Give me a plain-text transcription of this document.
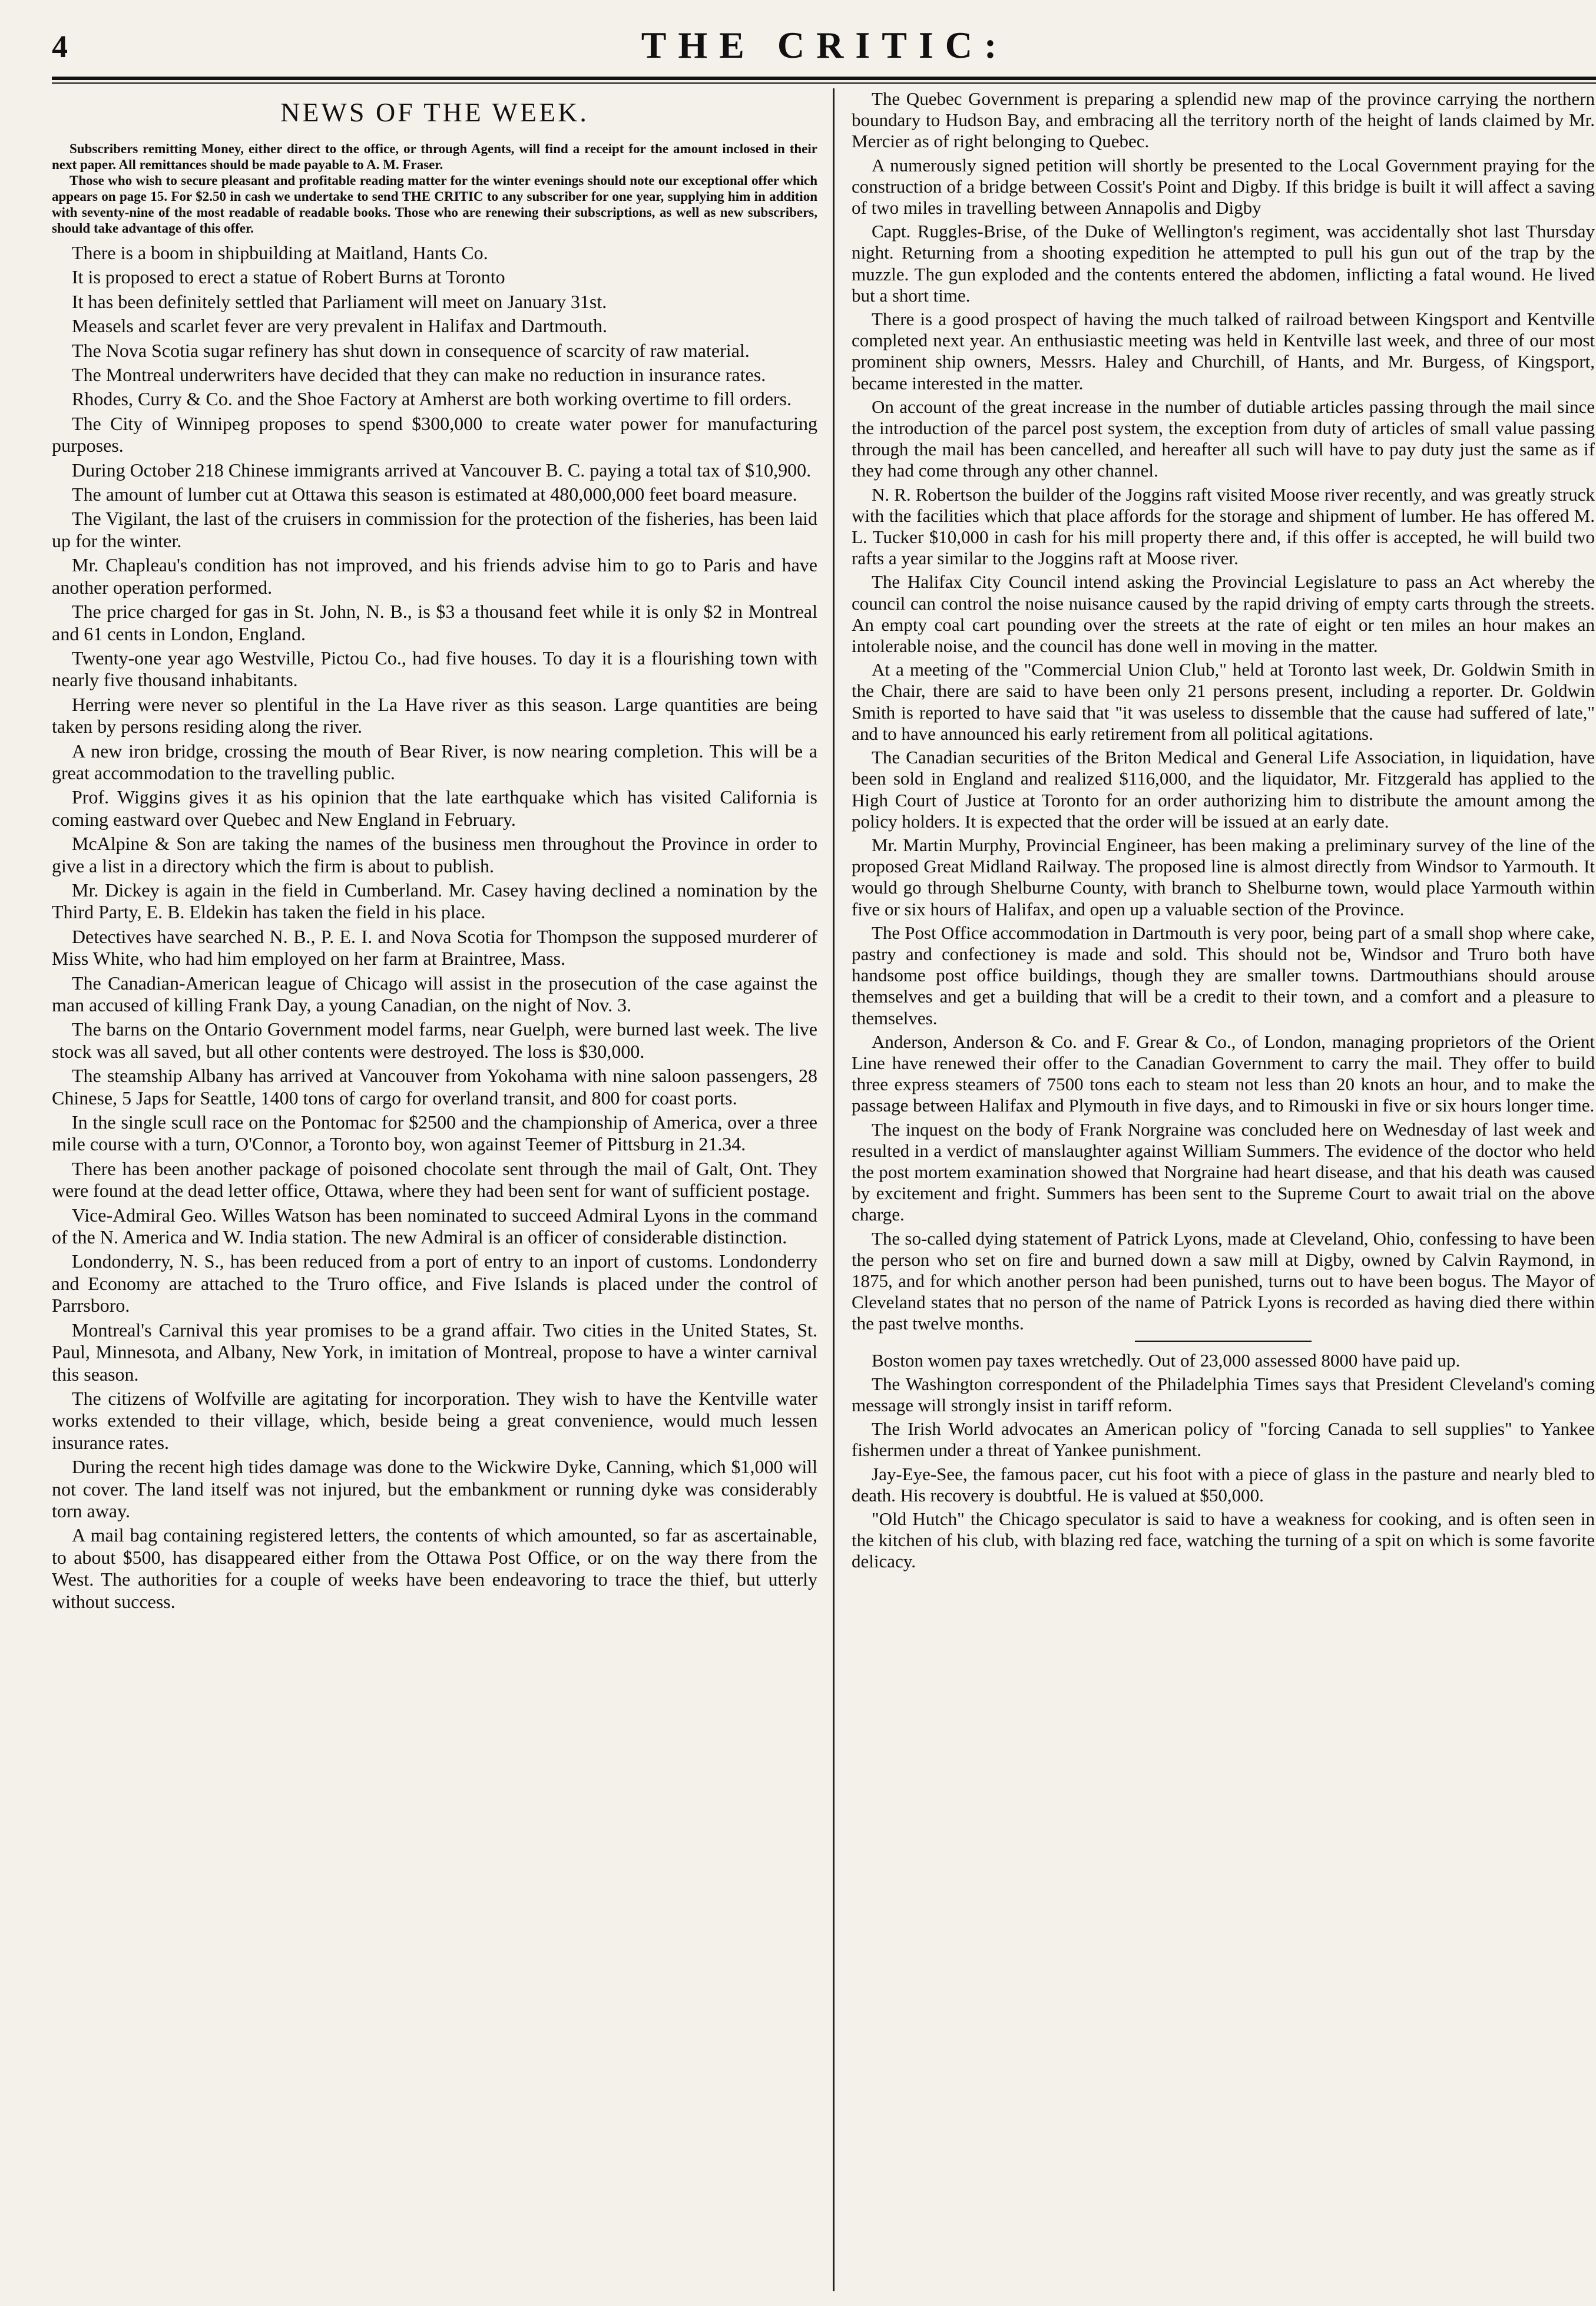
4	THE CRITIC:
NEWS OF THE WEEK.

Subscribers remitting Money, either direct to the office, or through Agents, will find a receipt for the amount inclosed in their next paper. All remittances should be made payable to A. M. Fraser.

Those who wish to secure pleasant and profitable reading matter for the winter evenings should note our exceptional offer which appears on page 15. For $2.50 in cash we undertake to send THE CRITIC to any subscriber for one year, supplying him in addition with seventy-nine of the most readable of readable books. Those who are renewing their subscriptions, as well as new subscribers, should take advantage of this offer.

There is a boom in shipbuilding at Maitland, Hants Co.

It is proposed to erect a statue of Robert Burns at Toronto

It has been definitely settled that Parliament will meet on January 31st.

Measels and scarlet fever are very prevalent in Halifax and Dartmouth.

The Nova Scotia sugar refinery has shut down in consequence of scarcity of raw material.

The Montreal underwriters have decided that they can make no reduction in insurance rates.

Rhodes, Curry & Co. and the Shoe Factory at Amherst are both working overtime to fill orders.

The City of Winnipeg proposes to spend $300,000 to create water power for manufacturing purposes.

During October 218 Chinese immigrants arrived at Vancouver B. C. paying a total tax of $10,900.

The amount of lumber cut at Ottawa this season is estimated at 480,000,000 feet board measure.

The Vigilant, the last of the cruisers in commission for the protection of the fisheries, has been laid up for the winter.

Mr. Chapleau's condition has not improved, and his friends advise him to go to Paris and have another operation performed.

The price charged for gas in St. John, N. B., is $3 a thousand feet while it is only $2 in Montreal and 61 cents in London, England.

Twenty-one year ago Westville, Pictou Co., had five houses. To day it is a flourishing town with nearly five thousand inhabitants.

Herring were never so plentiful in the La Have river as this season. Large quantities are being taken by persons residing along the river.

A new iron bridge, crossing the mouth of Bear River, is now nearing completion. This will be a great accommodation to the travelling public.

Prof. Wiggins gives it as his opinion that the late earthquake which has visited California is coming eastward over Quebec and New England in February.

McAlpine & Son are taking the names of the business men throughout the Province in order to give a list in a directory which the firm is about to publish.

Mr. Dickey is again in the field in Cumberland. Mr. Casey having declined a nomination by the Third Party, E. B. Eldekin has taken the field in his place.

Detectives have searched N. B., P. E. I. and Nova Scotia for Thompson the supposed murderer of Miss White, who had him employed on her farm at Braintree, Mass.

The Canadian-American league of Chicago will assist in the prosecution of the case against the man accused of killing Frank Day, a young Canadian, on the night of Nov. 3.

The barns on the Ontario Government model farms, near Guelph, were burned last week. The live stock was all saved, but all other contents were destroyed. The loss is $30,000.

The steamship Albany has arrived at Vancouver from Yokohama with nine saloon passengers, 28 Chinese, 5 Japs for Seattle, 1400 tons of cargo for overland transit, and 800 for coast ports.

In the single scull race on the Pontomac for $2500 and the championship of America, over a three mile course with a turn, O'Connor, a Toronto boy, won against Teemer of Pittsburg in 21.34.

There has been another package of poisoned chocolate sent through the mail of Galt, Ont. They were found at the dead letter office, Ottawa, where they had been sent for want of sufficient postage.

Vice-Admiral Geo. Willes Watson has been nominated to succeed Admiral Lyons in the command of the N. America and W. India station. The new Admiral is an officer of considerable distinction.

Londonderry, N. S., has been reduced from a port of entry to an inport of customs. Londonderry and Economy are attached to the Truro office, and Five Islands is placed under the control of Parrsboro.

Montreal's Carnival this year promises to be a grand affair. Two cities in the United States, St. Paul, Minnesota, and Albany, New York, in imitation of Montreal, propose to have a winter carnival this season.

The citizens of Wolfville are agitating for incorporation. They wish to have the Kentville water works extended to their village, which, beside being a great convenience, would much lessen insurance rates.

During the recent high tides damage was done to the Wickwire Dyke, Canning, which $1,000 will not cover. The land itself was not injured, but the embankment or running dyke was considerably torn away.

A mail bag containing registered letters, the contents of which amounted, so far as ascertainable, to about $500, has disappeared either from the Ottawa Post Office, or on the way there from the West. The authorities for a couple of weeks have been endeavoring to trace the thief, but utterly without success.

The Quebec Government is preparing a splendid new map of the province carrying the northern boundary to Hudson Bay, and embracing all the territory north of the height of lands claimed by Mr. Mercier as of right belonging to Quebec.

A numerously signed petition will shortly be presented to the Local Government praying for the construction of a bridge between Cossit's Point and Digby. If this bridge is built it will affect a saving of two miles in travelling between Annapolis and Digby

Capt. Ruggles-Brise, of the Duke of Wellington's regiment, was accidentally shot last Thursday night. Returning from a shooting expedition he attempted to pull his gun out of the trap by the muzzle. The gun exploded and the contents entered the abdomen, inflicting a fatal wound. He lived but a short time.

There is a good prospect of having the much talked of railroad between Kingsport and Kentville completed next year. An enthusiastic meeting was held in Kentville last week, and three of our most prominent ship owners, Messrs. Haley and Churchill, of Hants, and Mr. Burgess, of Kingsport, became interested in the matter.

On account of the great increase in the number of dutiable articles passing through the mail since the introduction of the parcel post system, the exception from duty of articles of small value passing through the mail has been cancelled, and hereafter all such will have to pay duty just the same as if they had come through any other channel.

N. R. Robertson the builder of the Joggins raft visited Moose river recently, and was greatly struck with the facilities which that place affords for the storage and shipment of lumber. He has offered M. L. Tucker $10,000 in cash for his mill property there and, if this offer is accepted, he will build two rafts a year similar to the Joggins raft at Moose river.

The Halifax City Council intend asking the Provincial Legislature to pass an Act whereby the council can control the noise nuisance caused by the rapid driving of empty carts through the streets. An empty coal cart pounding over the streets at the rate of eight or ten miles an hour makes an intolerable noise, and the council has done well in moving in the matter.

At a meeting of the "Commercial Union Club," held at Toronto last week, Dr. Goldwin Smith in the Chair, there are said to have been only 21 persons present, including a reporter. Dr. Goldwin Smith is reported to have said that "it was useless to dissemble that the cause had suffered of late," and to have announced his early retirement from all political agitations.

The Canadian securities of the Briton Medical and General Life Association, in liquidation, have been sold in England and realized $116,000, and the liquidator, Mr. Fitzgerald has applied to the High Court of Justice at Toronto for an order authorizing him to distribute the amount among the policy holders. It is expected that the order will be issued at an early date.

Mr. Martin Murphy, Provincial Engineer, has been making a preliminary survey of the line of the proposed Great Midland Railway. The proposed line is almost directly from Windsor to Yarmouth. It would go through Shelburne County, with branch to Shelburne town, would place Yarmouth within five or six hours of Halifax, and open up a valuable section of the Province.

The Post Office accommodation in Dartmouth is very poor, being part of a small shop where cake, pastry and confectioney is made and sold. This should not be, Windsor and Truro both have handsome post office buildings, though they are smaller towns. Dartmouthians should arouse themselves and get a building that will be a credit to their town, and a comfort and a pleasure to themselves.

Anderson, Anderson & Co. and F. Grear & Co., of London, managing proprietors of the Orient Line have renewed their offer to the Canadian Government to carry the mail. They offer to build three express steamers of 7500 tons each to steam not less than 20 knots an hour, and to make the passage between Halifax and Plymouth in five days, and to Rimouski in five or six hours longer time.

The inquest on the body of Frank Norgraine was concluded here on Wednesday of last week and resulted in a verdict of manslaughter against William Summers. The evidence of the doctor who held the post mortem examination showed that Norgraine had heart disease, and that his death was caused by excitement and fright. Summers has been sent to the Supreme Court to await trial on the above charge.

The so-called dying statement of Patrick Lyons, made at Cleveland, Ohio, confessing to have been the person who set on fire and burned down a saw mill at Digby, owned by Calvin Raymond, in 1875, and for which another person had been punished, turns out to have been bogus. The Mayor of Cleveland states that no person of the name of Patrick Lyons is recorded as having died there within the past twelve months.

Boston women pay taxes wretchedly. Out of 23,000 assessed 8000 have paid up.

The Washington correspondent of the Philadelphia Times says that President Cleveland's coming message will strongly insist in tariff reform.

The Irish World advocates an American policy of "forcing Canada to sell supplies" to Yankee fishermen under a threat of Yankee punishment.

Jay-Eye-See, the famous pacer, cut his foot with a piece of glass in the pasture and nearly bled to death. His recovery is doubtful. He is valued at $50,000.

"Old Hutch" the Chicago speculator is said to have a weakness for cooking, and is often seen in the kitchen of his club, with blazing red face, watching the turning of a spit on which is some favorite delicacy.
